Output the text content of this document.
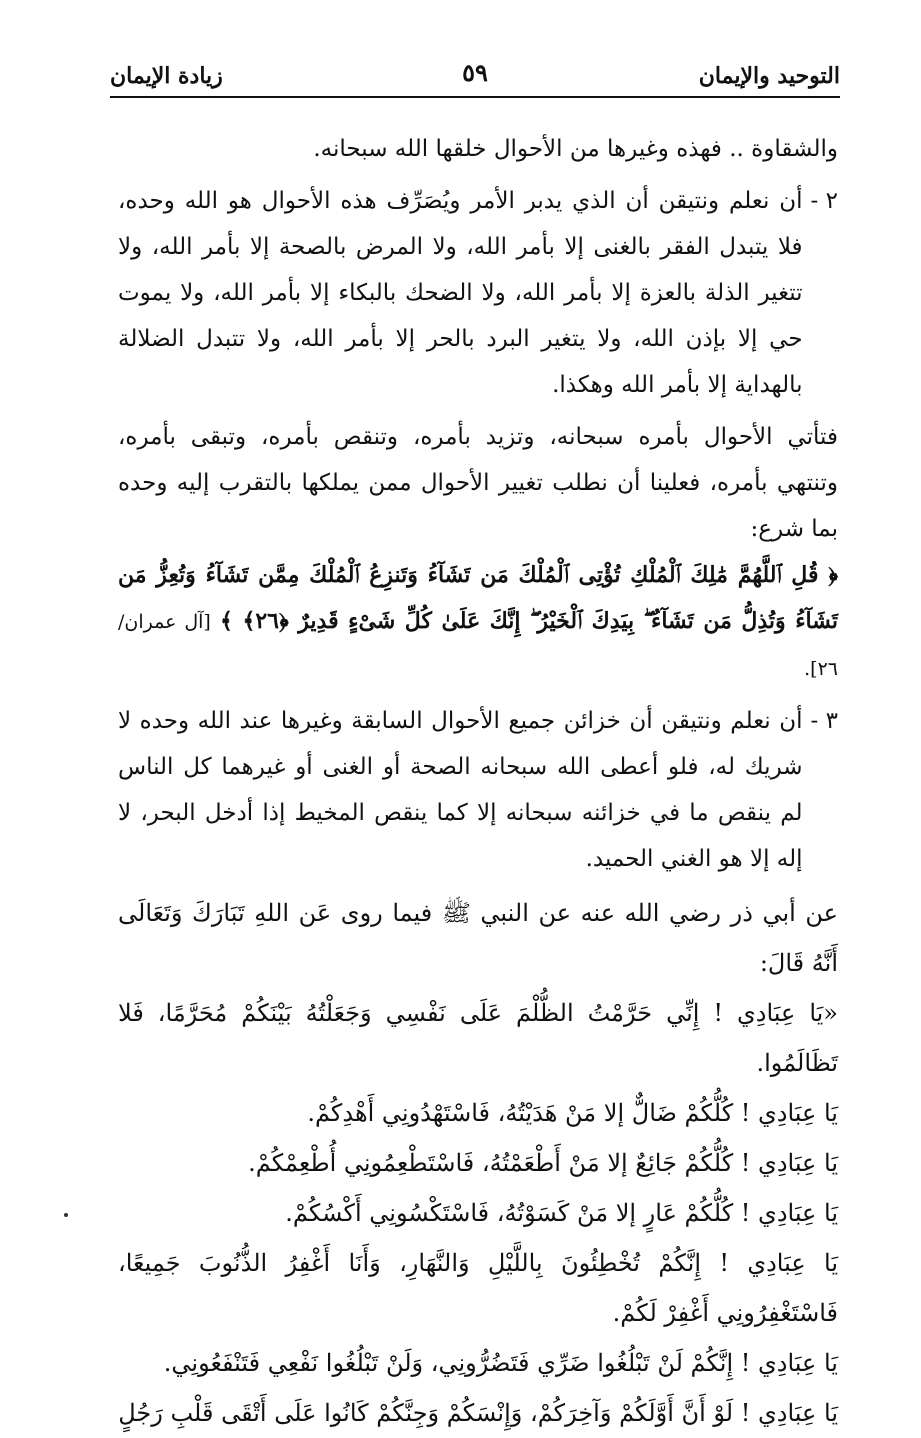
التوحيد والإيمان
٥٩
زيادة الإيمان

والشقاوة .. فهذه وغيرها من الأحوال خلقها الله سبحانه.

٢ -

أن نعلم ونتيقن أن الذي يدبر الأمر ويُصَرِّف هذه الأحوال هو الله وحده، فلا يتبدل الفقر بالغنى إلا بأمر الله، ولا المرض بالصحة إلا بأمر الله، ولا تتغير الذلة بالعزة إلا بأمر الله، ولا الضحك بالبكاء إلا بأمر الله، ولا يموت حي إلا بإذن الله، ولا يتغير البرد بالحر إلا بأمر الله، ولا تتبدل الضلالة بالهداية إلا بأمر الله وهكذا.

فتأتي الأحوال بأمره سبحانه، وتزيد بأمره، وتنقص بأمره، وتبقى بأمره، وتنتهي بأمره، فعلينا أن نطلب تغيير الأحوال ممن يملكها بالتقرب إليه وحده بما شرع:

﴿ قُلِ ٱللَّهُمَّ مَٰلِكَ ٱلْمُلْكِ تُؤْتِى ٱلْمُلْكَ مَن تَشَآءُ وَتَنزِعُ ٱلْمُلْكَ مِمَّن تَشَآءُ وَتُعِزُّ مَن تَشَآءُ وَتُذِلُّ مَن تَشَآءُ ۖ بِيَدِكَ ٱلْخَيْرُ ۖ إِنَّكَ عَلَىٰ كُلِّ شَىْءٍ قَدِيرٌ ﴿٢٦﴾ ﴾ [آل عمران/٢٦].

٣ -

أن نعلم ونتيقن أن خزائن جميع الأحوال السابقة وغيرها عند الله وحده لا شريك له، فلو أعطى الله سبحانه الصحة أو الغنى أو غيرهما كل الناس لم ينقص ما في خزائنه سبحانه إلا كما ينقص المخيط إذا أدخل البحر، لا إله إلا هو الغني الحميد.

عن أبي ذر رضي الله عنه عن النبي ﷺ فيما روى عَن اللهِ تَبَارَكَ وَتَعَالَى أَنَّهُ قَالَ:

«يَا عِبَادِي ! إِنِّي حَرَّمْتُ الظُّلْمَ عَلَى نَفْسِي وَجَعَلْتُهُ بَيْنَكُمْ مُحَرَّمًا، فَلا تَظَالَمُوا.

يَا عِبَادِي ! كُلُّكُمْ ضَالٌّ إلا مَنْ هَدَيْتُهُ، فَاسْتَهْدُونِي أَهْدِكُمْ.

يَا عِبَادِي ! كُلُّكُمْ جَائِعٌ إلا مَنْ أَطْعَمْتُهُ، فَاسْتَطْعِمُونِي أُطْعِمْكُمْ.

يَا عِبَادِي ! كُلُّكُمْ عَارٍ إلا مَنْ كَسَوْتُهُ، فَاسْتَكْسُونِي أَكْسُكُمْ.

يَا عِبَادِي ! إِنَّكُمْ تُخْطِئُونَ بِاللَّيْلِ وَالنَّهَارِ، وَأَنَا أَغْفِرُ الذُّنُوبَ جَمِيعًا، فَاسْتَغْفِرُونِي أَغْفِرْ لَكُمْ.

يَا عِبَادِي ! إِنَّكُمْ لَنْ تَبْلُغُوا ضَرِّي فَتَضُرُّونِي، وَلَنْ تَبْلُغُوا نَفْعِي فَتَنْفَعُونِي.

يَا عِبَادِي ! لَوْ أَنَّ أَوَّلَكُمْ وَآخِرَكُمْ، وَإِنْسَكُمْ وَجِنَّكُمْ كَانُوا عَلَى أَتْقَى قَلْبِ رَجُلٍ
